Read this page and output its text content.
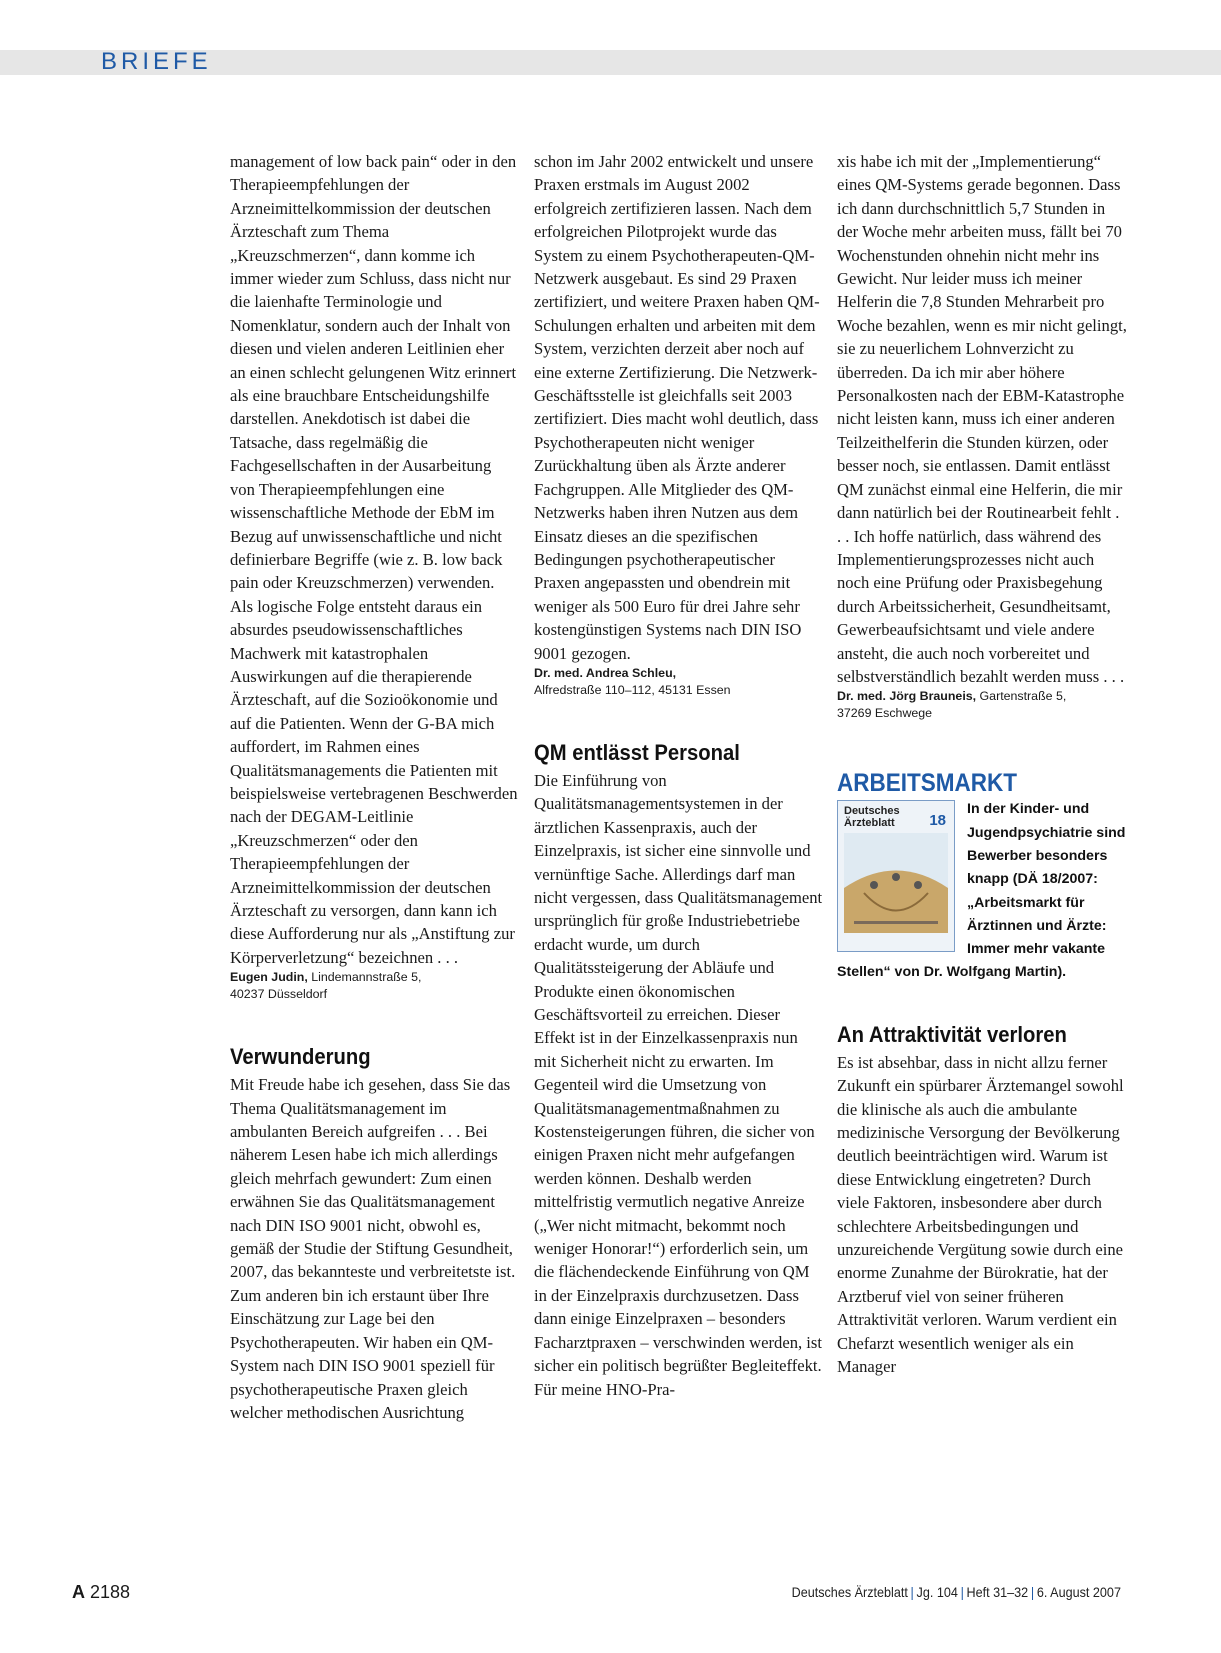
BRIEFE

management of low back pain“ oder in den Therapieempfehlungen der Arzneimittelkommission der deutschen Ärzteschaft zum Thema „Kreuzschmerzen“, dann komme ich immer wieder zum Schluss, dass nicht nur die laienhafte Terminologie und Nomenklatur, sondern auch der Inhalt von diesen und vielen anderen Leitlinien eher an einen schlecht gelungenen Witz erinnert als eine brauchbare Entscheidungshilfe darstellen. Anekdotisch ist dabei die Tatsache, dass regelmäßig die Fachgesellschaften in der Ausarbeitung von Therapieempfehlungen eine wissenschaftliche Methode der EbM im Bezug auf unwissenschaftliche und nicht definierbare Begriffe (wie z. B. low back pain oder Kreuzschmerzen) verwenden. Als logische Folge entsteht daraus ein absurdes pseudowissenschaftliches Machwerk mit katastrophalen Auswirkungen auf die therapierende Ärzteschaft, auf die Sozioökonomie und auf die Patienten. Wenn der G-BA mich auffordert, im Rahmen eines Qualitätsmanagements die Patienten mit beispielsweise vertebragenen Beschwerden nach der DEGAM-Leitlinie „Kreuzschmerzen“ oder den Therapieempfehlungen der Arzneimittelkommission der deutschen Ärzteschaft zu versorgen, dann kann ich diese Aufforderung nur als „Anstiftung zur Körperverletzung“ bezeichnen . . .

Eugen Judin, Lindemannstraße 5,
40237 Düsseldorf

Verwunderung

Mit Freude habe ich gesehen, dass Sie das Thema Qualitätsmanagement im ambulanten Bereich aufgreifen . . . Bei näherem Lesen habe ich mich allerdings gleich mehrfach gewundert: Zum einen erwähnen Sie das Qualitätsmanagement nach DIN ISO 9001 nicht, obwohl es, gemäß der Studie der Stiftung Gesundheit, 2007, das bekannteste und verbreitetste ist. Zum anderen bin ich erstaunt über Ihre Einschätzung zur Lage bei den Psychotherapeuten. Wir haben ein QM-System nach DIN ISO 9001 speziell für psychotherapeutische Praxen gleich welcher methodischen Ausrichtung

schon im Jahr 2002 entwickelt und unsere Praxen erstmals im August 2002 erfolgreich zertifizieren lassen. Nach dem erfolgreichen Pilotprojekt wurde das System zu einem Psychotherapeuten-QM-Netzwerk ausgebaut. Es sind 29 Praxen zertifiziert, und weitere Praxen haben QM-Schulungen erhalten und arbeiten mit dem System, verzichten derzeit aber noch auf eine externe Zertifizierung. Die Netzwerk-Geschäftsstelle ist gleichfalls seit 2003 zertifiziert. Dies macht wohl deutlich, dass Psychotherapeuten nicht weniger Zurückhaltung üben als Ärzte anderer Fachgruppen. Alle Mitglieder des QM-Netzwerks haben ihren Nutzen aus dem Einsatz dieses an die spezifischen Bedingungen psychotherapeutischer Praxen angepassten und obendrein mit weniger als 500 Euro für drei Jahre sehr kostengünstigen Systems nach DIN ISO 9001 gezogen.

Dr. med. Andrea Schleu,
Alfredstraße 110–112, 45131 Essen

QM entlässt Personal

Die Einführung von Qualitätsmanagementsystemen in der ärztlichen Kassenpraxis, auch der Einzelpraxis, ist sicher eine sinnvolle und vernünftige Sache. Allerdings darf man nicht vergessen, dass Qualitätsmanagement ursprünglich für große Industriebetriebe erdacht wurde, um durch Qualitätssteigerung der Abläufe und Produkte einen ökonomischen Geschäftsvorteil zu erreichen. Dieser Effekt ist in der Einzelkassenpraxis nun mit Sicherheit nicht zu erwarten. Im Gegenteil wird die Umsetzung von Qualitätsmanagementmaßnahmen zu Kostensteigerungen führen, die sicher von einigen Praxen nicht mehr aufgefangen werden können. Deshalb werden mittelfristig vermutlich negative Anreize („Wer nicht mitmacht, bekommt noch weniger Honorar!“) erforderlich sein, um die flächendeckende Einführung von QM in der Einzelpraxis durchzusetzen. Dass dann einige Einzelpraxen – besonders Facharztpraxen – verschwinden werden, ist sicher ein politisch begrüßter Begleiteffekt. Für meine HNO-Pra-

xis habe ich mit der „Implementierung“ eines QM-Systems gerade begonnen. Dass ich dann durchschnittlich 5,7 Stunden in der Woche mehr arbeiten muss, fällt bei 70 Wochenstunden ohnehin nicht mehr ins Gewicht. Nur leider muss ich meiner Helferin die 7,8 Stunden Mehrarbeit pro Woche bezahlen, wenn es mir nicht gelingt, sie zu neuerlichem Lohnverzicht zu überreden. Da ich mir aber höhere Personalkosten nach der EBM-Katastrophe nicht leisten kann, muss ich einer anderen Teilzeithelferin die Stunden kürzen, oder besser noch, sie entlassen. Damit entlässt QM zunächst einmal eine Helferin, die mir dann natürlich bei der Routinearbeit fehlt . . . Ich hoffe natürlich, dass während des Implementierungsprozesses nicht auch noch eine Prüfung oder Praxisbegehung durch Arbeitssicherheit, Gesundheitsamt, Gewerbeaufsichtsamt und viele andere ansteht, die auch noch vorbereitet und selbstverständlich bezahlt werden muss . . .

Dr. med. Jörg Brauneis, Gartenstraße 5,
37269 Eschwege

ARBEITSMARKT
Deutsches
Ärzteblatt	18
In der Kinder- und Jugendpsychiatrie sind Bewerber besonders knapp (DÄ 18/2007: „Arbeitsmarkt für Ärztinnen und Ärzte: Immer mehr vakante Stellen“ von Dr. Wolfgang Martin).
An Attraktivität verloren

Es ist absehbar, dass in nicht allzu ferner Zukunft ein spürbarer Ärztemangel sowohl die klinische als auch die ambulante medizinische Versorgung der Bevölkerung deutlich beeinträchtigen wird. Warum ist diese Entwicklung eingetreten? Durch viele Faktoren, insbesondere aber durch schlechtere Arbeitsbedingungen und unzureichende Vergütung sowie durch eine enorme Zunahme der Bürokratie, hat der Arztberuf viel von seiner früheren Attraktivität verloren. Warum verdient ein Chefarzt wesentlich weniger als ein Manager

A 2188	Deutsches Ärzteblatt | Jg. 104 | Heft 31–32 | 6. August 2007
